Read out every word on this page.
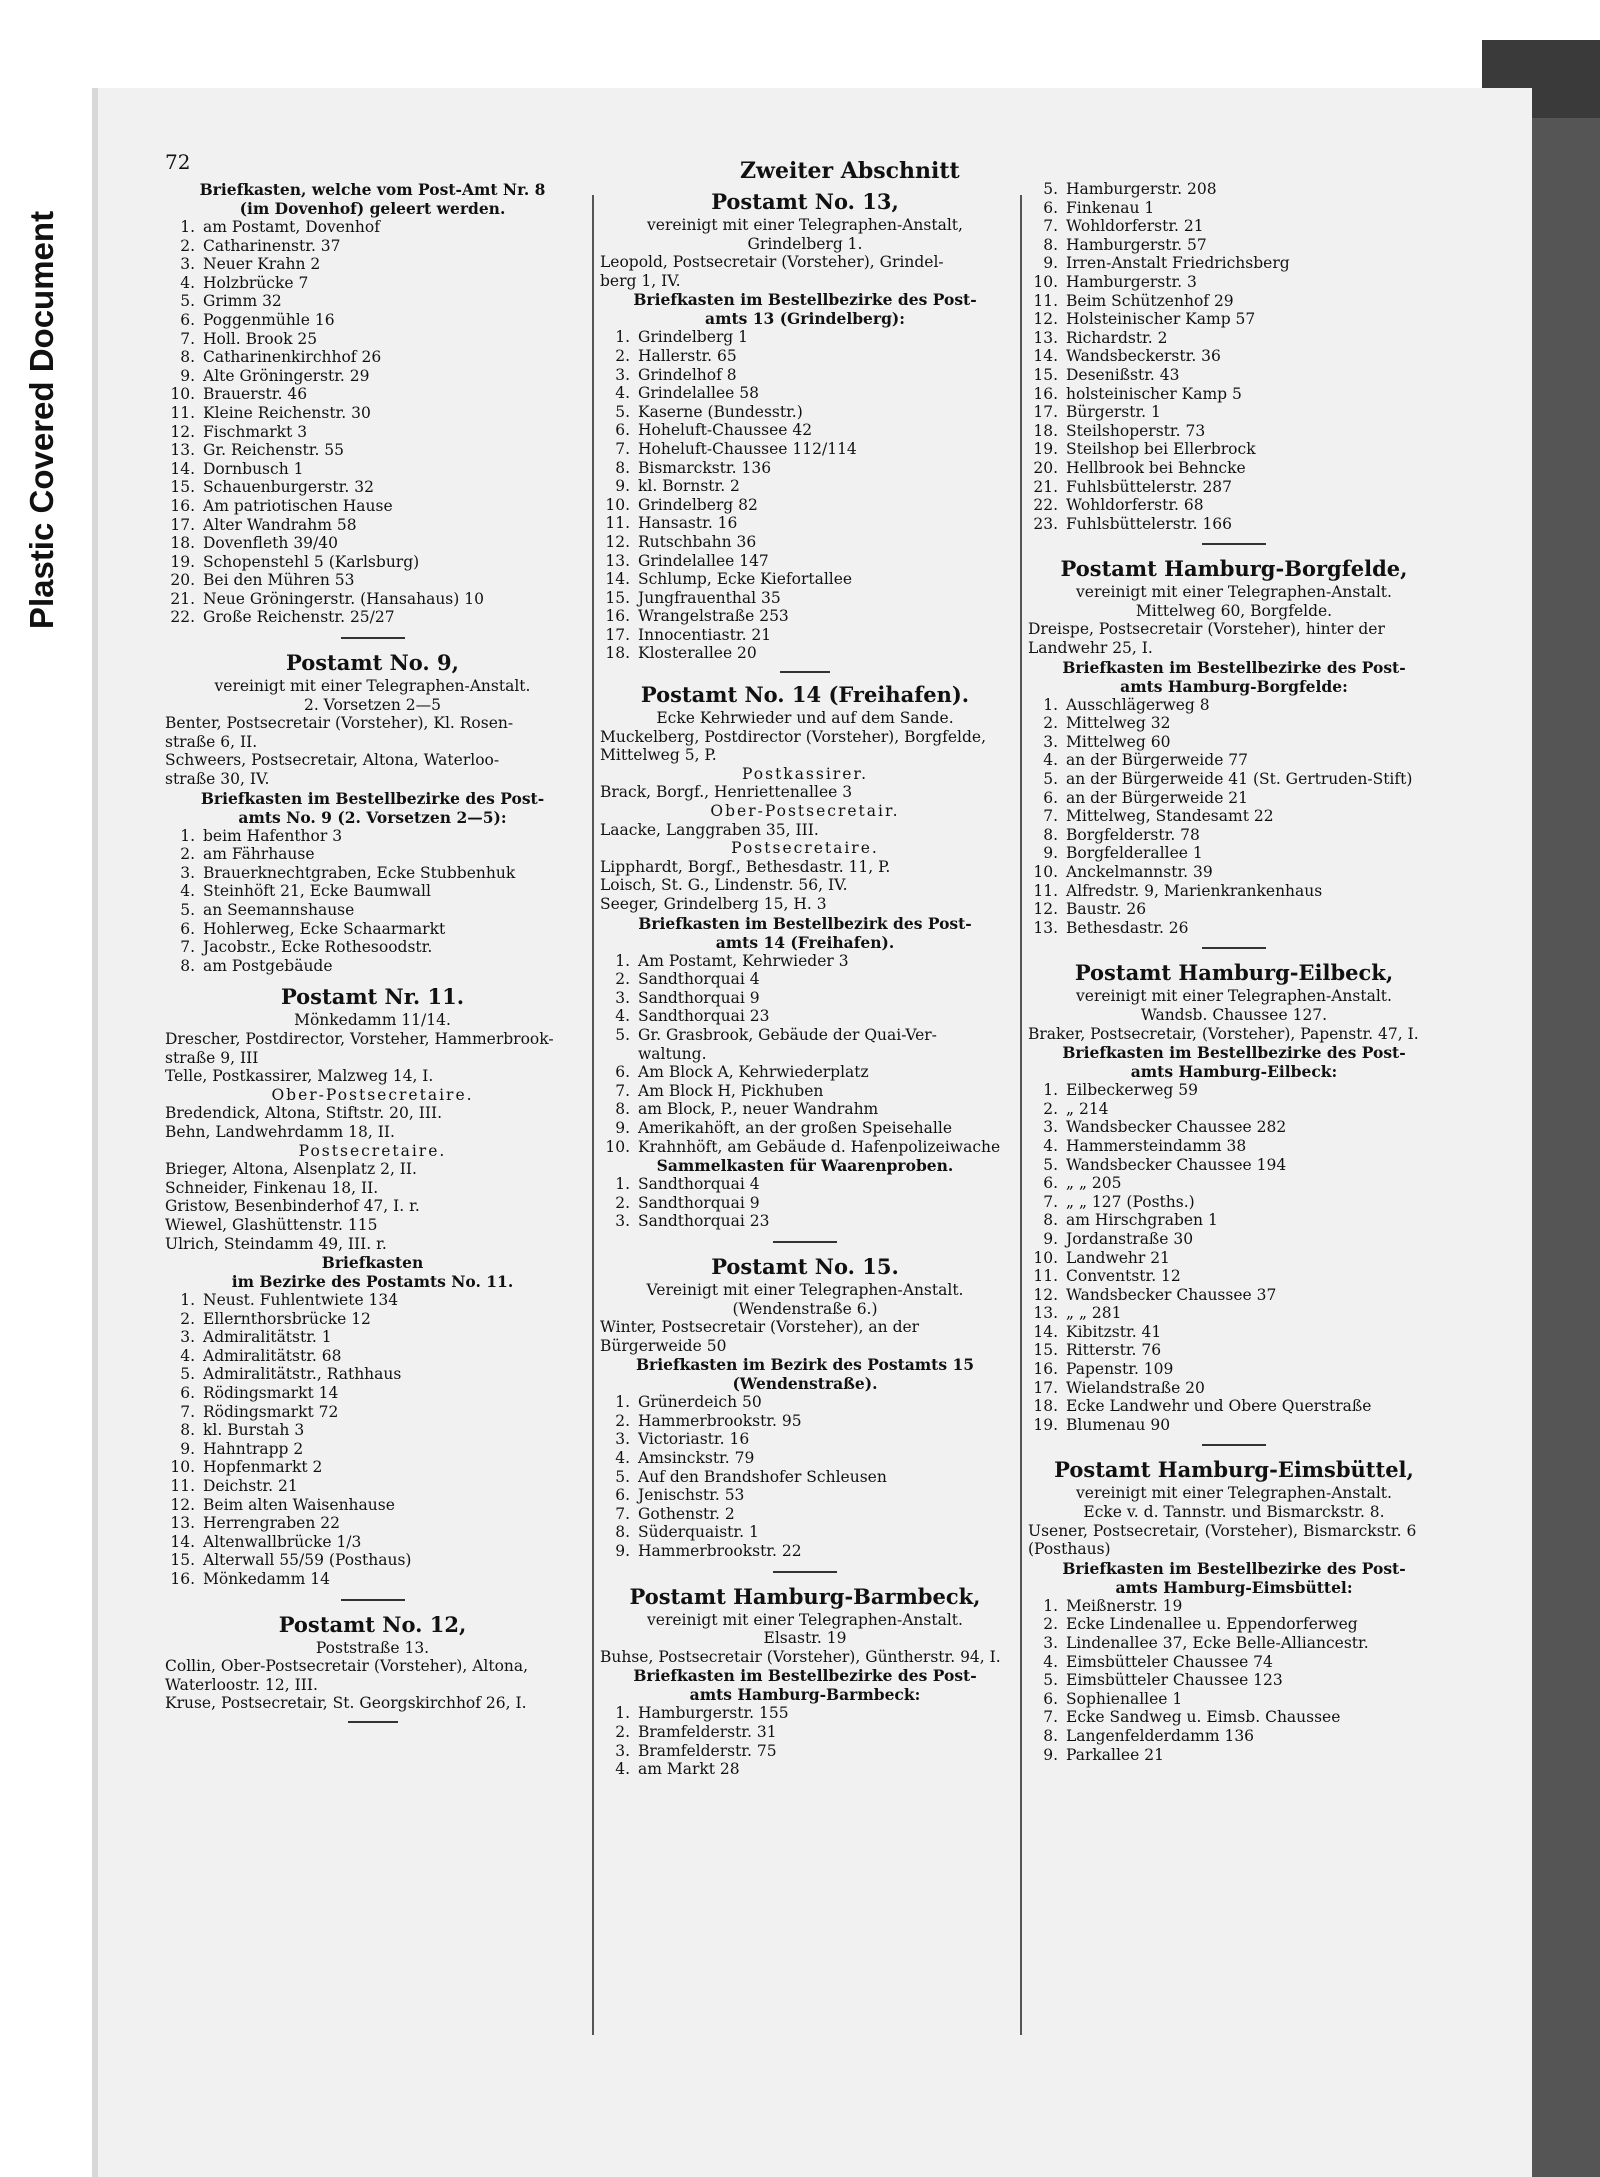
Plastic Covered Document
72	Zweiter Abschnitt
Briefkasten, welche vom Post-Amt Nr. 8
(im Dovenhof) geleert werden.
1. am Postamt, Dovenhof
2. Catharinenstr. 37
3. Neuer Krahn 2
4. Holzbrücke 7
5. Grimm 32
6. Poggenmühle 16
7. Holl. Brook 25
8. Catharinenkirchhof 26
9. Alte Gröningerstr. 29
10. Brauerstr. 46
11. Kleine Reichenstr. 30
12. Fischmarkt 3
13. Gr. Reichenstr. 55
14. Dornbusch 1
15. Schauenburgerstr. 32
16. Am patriotischen Hause
17. Alter Wandrahm 58
18. Dovenfleth 39/40
19. Schopenstehl 5 (Karlsburg)
20. Bei den Mühren 53
21. Neue Gröningerstr. (Hansahaus) 10
22. Große Reichenstr. 25/27
Postamt No. 9,
vereinigt mit einer Telegraphen-Anstalt.
2. Vorsetzen 2—5
Benter, Postsecretair (Vorsteher), Kl. Rosen-
straße 6, II.
Schweers, Postsecretair, Altona, Waterloo-
straße 30, IV.
Briefkasten im Bestellbezirke des Post-
amts No. 9 (2. Vorsetzen 2—5):
1. beim Hafenthor 3
2. am Fährhause
3. Brauerknechtgraben, Ecke Stubbenhuk
4. Steinhöft 21, Ecke Baumwall
5. an Seemannshause
6. Hohlerweg, Ecke Schaarmarkt
7. Jacobstr., Ecke Rothesoodstr.
8. am Postgebäude
Postamt Nr. 11.
Mönkedamm 11/14.
Drescher, Postdirector, Vorsteher, Hammerbrook-
straße 9, III
Telle, Postkassirer, Malzweg 14, I.
Ober-Postsecretaire.
Bredendick, Altona, Stiftstr. 20, III.
Behn, Landwehrdamm 18, II.
Postsecretaire.
Brieger, Altona, Alsenplatz 2, II.
Schneider, Finkenau 18, II.
Gristow, Besenbinderhof 47, I. r.
Wiewel, Glashüttenstr. 115
Ulrich, Steindamm 49, III. r.
Briefkasten
im Bezirke des Postamts No. 11.
1. Neust. Fuhlentwiete 134
2. Ellernthorsbrücke 12
3. Admiralitätstr. 1
4. Admiralitätstr. 68
5. Admiralitätstr., Rathhaus
6. Rödingsmarkt 14
7. Rödingsmarkt 72
8. kl. Burstah 3
9. Hahntrapp 2
10. Hopfenmarkt 2
11. Deichstr. 21
12. Beim alten Waisenhause
13. Herrengraben 22
14. Altenwallbrücke 1/3
15. Alterwall 55/59 (Posthaus)
16. Mönkedamm 14
Postamt No. 12,
Poststraße 13.
Collin, Ober-Postsecretair (Vorsteher), Altona,
Waterloostr. 12, III.
Kruse, Postsecretair, St. Georgskirchhof 26, I.
Postamt No. 13,
vereinigt mit einer Telegraphen-Anstalt,
Grindelberg 1.
Leopold, Postsecretair (Vorsteher), Grindel-
berg 1, IV.
Briefkasten im Bestellbezirke des Post-
amts 13 (Grindelberg):
1. Grindelberg 1
2. Hallerstr. 65
3. Grindelhof 8
4. Grindelallee 58
5. Kaserne (Bundesstr.)
6. Hoheluft-Chaussee 42
7. Hoheluft-Chaussee 112/114
8. Bismarckstr. 136
9. kl. Bornstr. 2
10. Grindelberg 82
11. Hansastr. 16
12. Rutschbahn 36
13. Grindelallee 147
14. Schlump, Ecke Kiefortallee
15. Jungfrauenthal 35
16. Wrangelstraße 253
17. Innocentiastr. 21
18. Klosterallee 20
Postamt No. 14 (Freihafen).
Ecke Kehrwieder und auf dem Sande.
Muckelberg, Postdirector (Vorsteher), Borgfelde,
Mittelweg 5, P.
Postkassirer.
Brack, Borgf., Henriettenallee 3
Ober-Postsecretair.
Laacke, Langgraben 35, III.
Postsecretaire.
Lipphardt, Borgf., Bethesdastr. 11, P.
Loisch, St. G., Lindenstr. 56, IV.
Seeger, Grindelberg 15, H. 3
Briefkasten im Bestellbezirk des Post-
amts 14 (Freihafen).
1. Am Postamt, Kehrwieder 3
2. Sandthorquai 4
3. Sandthorquai 9
4. Sandthorquai 23
5. Gr. Grasbrook, Gebäude der Quai-Ver-
waltung.
6. Am Block A, Kehrwiederplatz
7. Am Block H, Pickhuben
8. am Block, P., neuer Wandrahm
9. Amerikahöft, an der großen Speisehalle
10. Krahnhöft, am Gebäude d. Hafenpolizeiwache
Sammelkasten für Waarenproben.
1. Sandthorquai 4
2. Sandthorquai 9
3. Sandthorquai 23
Postamt No. 15.
Vereinigt mit einer Telegraphen-Anstalt.
(Wendenstraße 6.)
Winter, Postsecretair (Vorsteher), an der
Bürgerweide 50
Briefkasten im Bezirk des Postamts 15
(Wendenstraße).
1. Grünerdeich 50
2. Hammerbrookstr. 95
3. Victoriastr. 16
4. Amsinckstr. 79
5. Auf den Brandshofer Schleusen
6. Jenischstr. 53
7. Gothenstr. 2
8. Süderquaistr. 1
9. Hammerbrookstr. 22
Postamt Hamburg-Barmbeck,
vereinigt mit einer Telegraphen-Anstalt.
Elsastr. 19
Buhse, Postsecretair (Vorsteher), Güntherstr. 94, I.
Briefkasten im Bestellbezirke des Post-
amts Hamburg-Barmbeck:
1. Hamburgerstr. 155
2. Bramfelderstr. 31
3. Bramfelderstr. 75
4. am Markt 28
5. Hamburgerstr. 208
6. Finkenau 1
7. Wohldorferstr. 21
8. Hamburgerstr. 57
9. Irren-Anstalt Friedrichsberg
10. Hamburgerstr. 3
11. Beim Schützenhof 29
12. Holsteinischer Kamp 57
13. Richardstr. 2
14. Wandsbeckerstr. 36
15. Desenißstr. 43
16. holsteinischer Kamp 5
17. Bürgerstr. 1
18. Steilshoperstr. 73
19. Steilshop bei Ellerbrock
20. Hellbrook bei Behncke
21. Fuhlsbüttelerstr. 287
22. Wohldorferstr. 68
23. Fuhlsbüttelerstr. 166
Postamt Hamburg-Borgfelde,
vereinigt mit einer Telegraphen-Anstalt.
Mittelweg 60, Borgfelde.
Dreispe, Postsecretair (Vorsteher), hinter der
Landwehr 25, I.
Briefkasten im Bestellbezirke des Post-
amts Hamburg-Borgfelde:
1. Ausschlägerweg 8
2. Mittelweg 32
3. Mittelweg 60
4. an der Bürgerweide 77
5. an der Bürgerweide 41 (St. Gertruden-Stift)
6. an der Bürgerweide 21
7. Mittelweg, Standesamt 22
8. Borgfelderstr. 78
9. Borgfelderallee 1
10. Anckelmannstr. 39
11. Alfredstr. 9, Marienkrankenhaus
12. Baustr. 26
13. Bethesdastr. 26
Postamt Hamburg-Eilbeck,
vereinigt mit einer Telegraphen-Anstalt.
Wandsb. Chaussee 127.
Braker, Postsecretair, (Vorsteher), Papenstr. 47, I.
Briefkasten im Bestellbezirke des Post-
amts Hamburg-Eilbeck:
1. Eilbeckerweg 59
2. „ 214
3. Wandsbecker Chaussee 282
4. Hammersteindamm 38
5. Wandsbecker Chaussee 194
6. „ „ 205
7. „ „ 127 (Posths.)
8. am Hirschgraben 1
9. Jordanstraße 30
10. Landwehr 21
11. Conventstr. 12
12. Wandsbecker Chaussee 37
13. „ „ 281
14. Kibitzstr. 41
15. Ritterstr. 76
16. Papenstr. 109
17. Wielandstraße 20
18. Ecke Landwehr und Obere Querstraße
19. Blumenau 90
Postamt Hamburg-Eimsbüttel,
vereinigt mit einer Telegraphen-Anstalt.
Ecke v. d. Tannstr. und Bismarckstr. 8.
Usener, Postsecretair, (Vorsteher), Bismarckstr. 6
(Posthaus)
Briefkasten im Bestellbezirke des Post-
amts Hamburg-Eimsbüttel:
1. Meißnerstr. 19
2. Ecke Lindenallee u. Eppendorferweg
3. Lindenallee 37, Ecke Belle-Alliancestr.
4. Eimsbütteler Chaussee 74
5. Eimsbütteler Chaussee 123
6. Sophienallee 1
7. Ecke Sandweg u. Eimsb. Chaussee
8. Langenfelderdamm 136
9. Parkallee 21
